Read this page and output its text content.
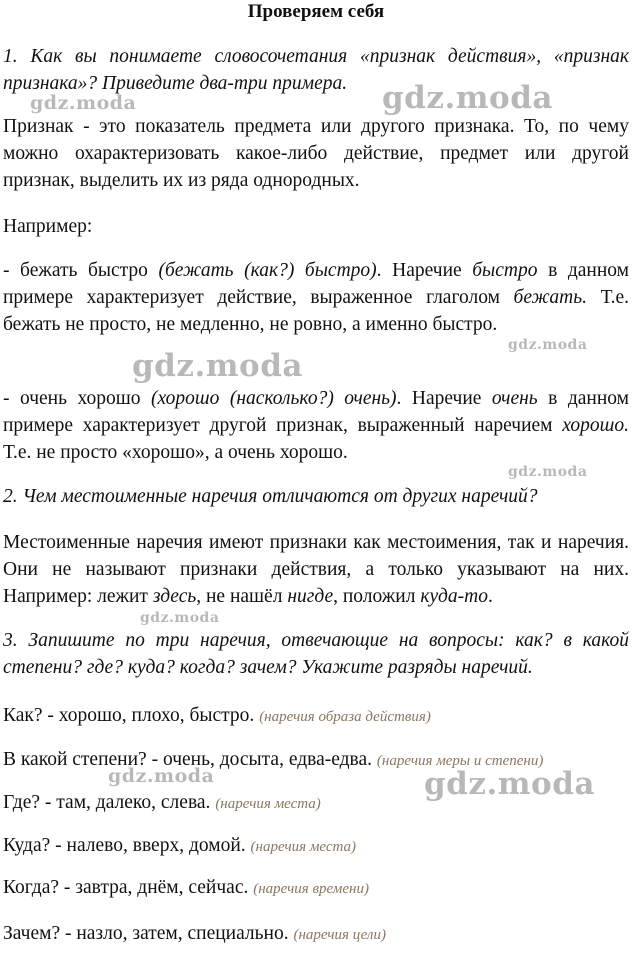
Проверяем себя
1. Как вы понимаете словосочетания «признак действия», «признак признака»? Приведите два-три примера.
Признак - это показатель предмета или другого признака. То, по чему можно охарактеризовать какое-либо действие, предмет или другой признак, выделить их из ряда однородных.
Например:
- бежать быстро (бежать (как?) быстро). Наречие быстро в данном примере характеризует действие, выраженное глаголом бежать. Т.е. бежать не просто, не медленно, не ровно, а именно быстро.
- очень хорошо (хорошо (насколько?) очень). Наречие очень в данном примере характеризует другой признак, выраженный наречием хорошо. Т.е. не просто «хорошо», а очень хорошо.
2. Чем местоименные наречия отличаются от других наречий?
Местоименные наречия имеют признаки как местоимения, так и наречия. Они не называют признаки действия, а только указывают на них. Например: лежит здесь, не нашёл нигде, положил куда-то.
3. Запишите по три наречия, отвечающие на вопросы: как? в какой степени? где? куда? когда? зачем? Укажите разряды наречий.
Как? - хорошо, плохо, быстро. (наречия образа действия)
В какой степени? - очень, досыта, едва-едва. (наречия меры и степени)
Где? - там, далеко, слева. (наречия места)
Куда? - налево, вверх, домой. (наречия места)
Когда? - завтра, днём, сейчас. (наречия времени)
Зачем? - назло, затем, специально. (наречия цели)
gdz.moda	gdz.moda
gdz.moda
gdz.moda
gdz.moda
gdz.moda
gdz.moda	gdz.moda
